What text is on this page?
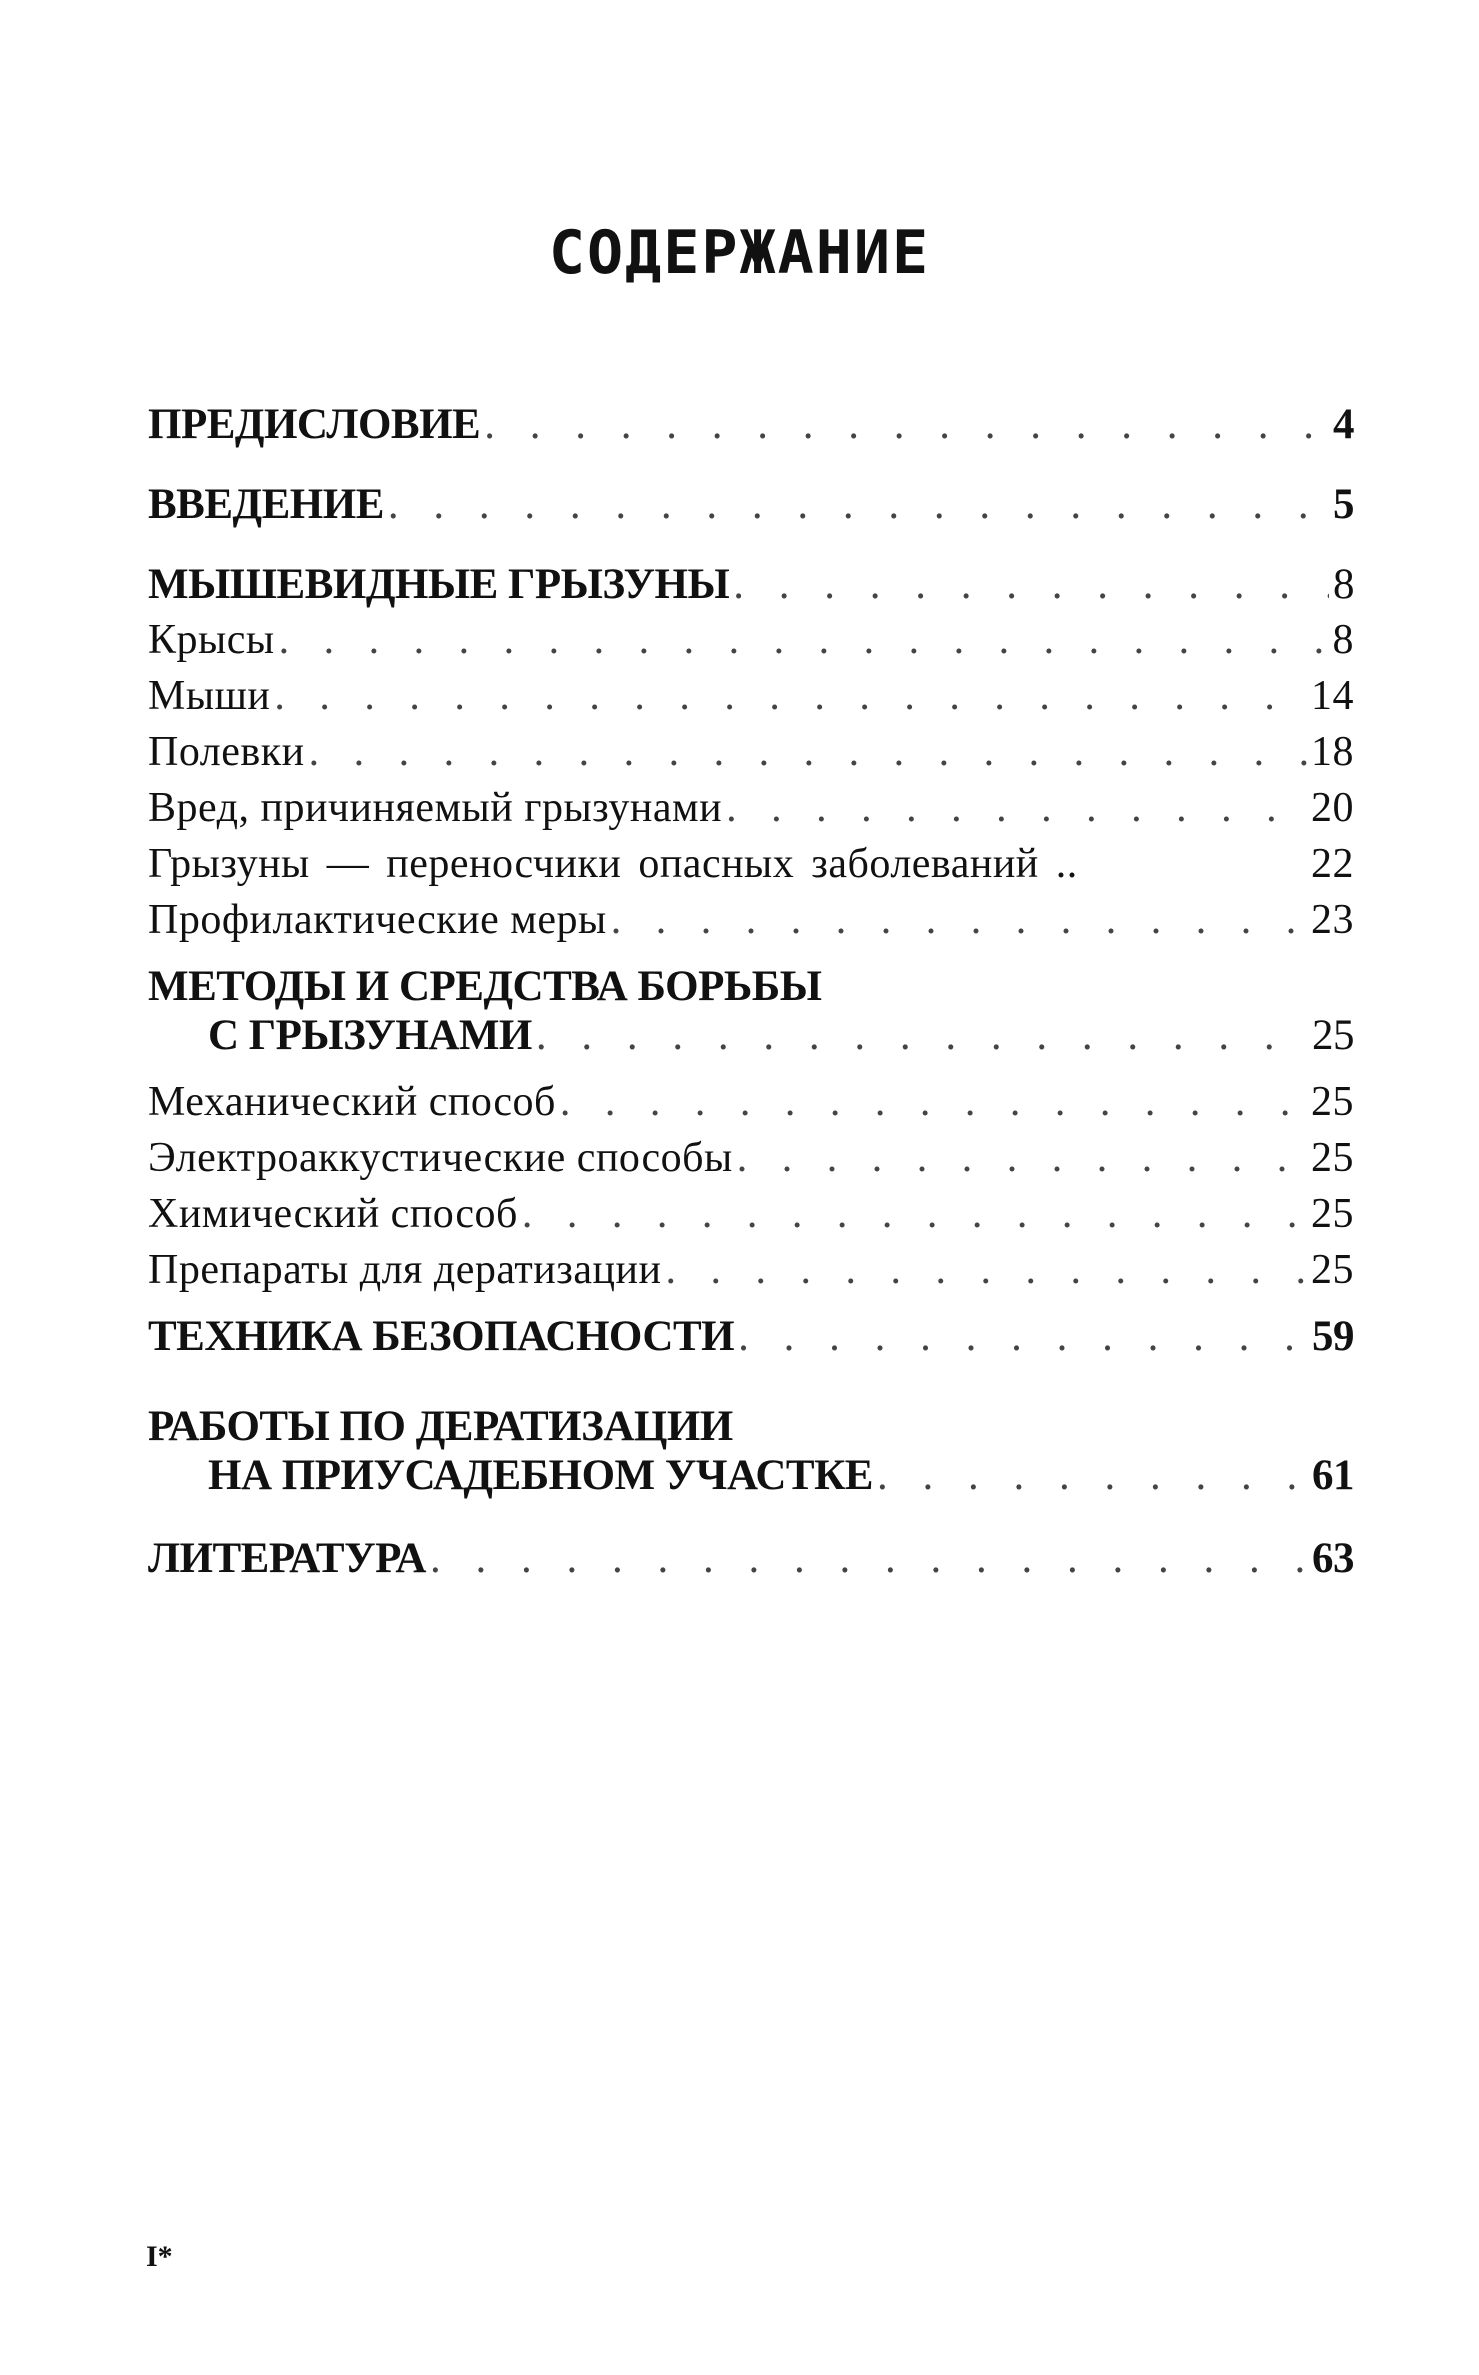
СОДЕРЖАНИЕ
ПРЕДИСЛОВИЕ . . .	4
ВВЕДЕНИЕ . . .	5
МЫШЕВИДНЫЕ ГРЫЗУНЫ . . .	8
Крысы . . .	8
Мыши . . .	14
Полевки . . .	18
Вред, причиняемый грызунами . . .	20
Грызуны — переносчики опасных заболеваний ..	22
Профилактические меры . . .	23
МЕТОДЫ И СРЕДСТВА БОРЬБЫ
С ГРЫЗУНАМИ . . .	25
Механический способ . . .	25
Электроаккустические способы . . .	25
Химический способ . . .	25
Препараты для дератизации . . .	25
ТЕХНИКА БЕЗОПАСНОСТИ . . .	59
РАБОТЫ ПО ДЕРАТИЗАЦИИ
НА ПРИУСАДЕБНОМ УЧАСТКЕ . . .	61
ЛИТЕРАТУРА . . .	63
I*
